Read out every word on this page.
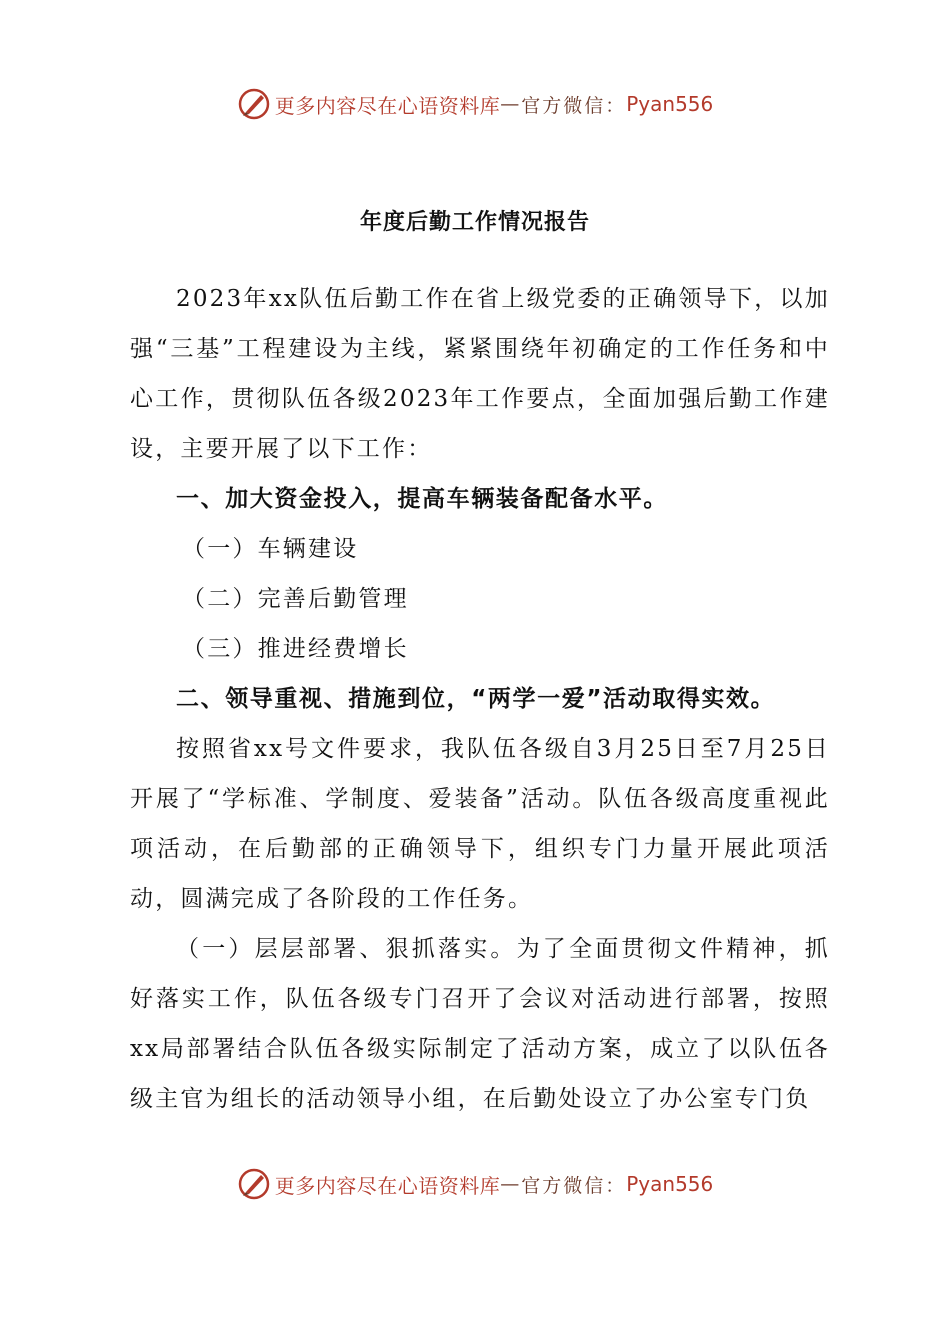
更多内容尽在心语资料库 — 官方微信： Pyan556
年度后勤工作情况报告

2023年xx队伍后勤工作在省上级党委的正确领导下，以加强“三基”工程建设为主线，紧紧围绕年初确定的工作任务和中心工作，贯彻队伍各级2023年工作要点，全面加强后勤工作建设，主要开展了以下工作：

一、加大资金投入，提高车辆装备配备水平。

（一）车辆建设

（二）完善后勤管理

（三）推进经费增长

二、领导重视、措施到位，“两学一爱”活动取得实效。

按照省xx号文件要求，我队伍各级自3月25日至7月25日开展了“学标准、学制度、爱装备”活动。队伍各级高度重视此项活动，在后勤部的正确领导下，组织专门力量开展此项活动，圆满完成了各阶段的工作任务。

（一）层层部署、狠抓落实。为了全面贯彻文件精神，抓好落实工作，队伍各级专门召开了会议对活动进行部署，按照xx局部署结合队伍各级实际制定了活动方案，成立了以队伍各级主官为组长的活动领导小组，在后勤处设立了办公室专门负

更多内容尽在心语资料库 — 官方微信： Pyan556
